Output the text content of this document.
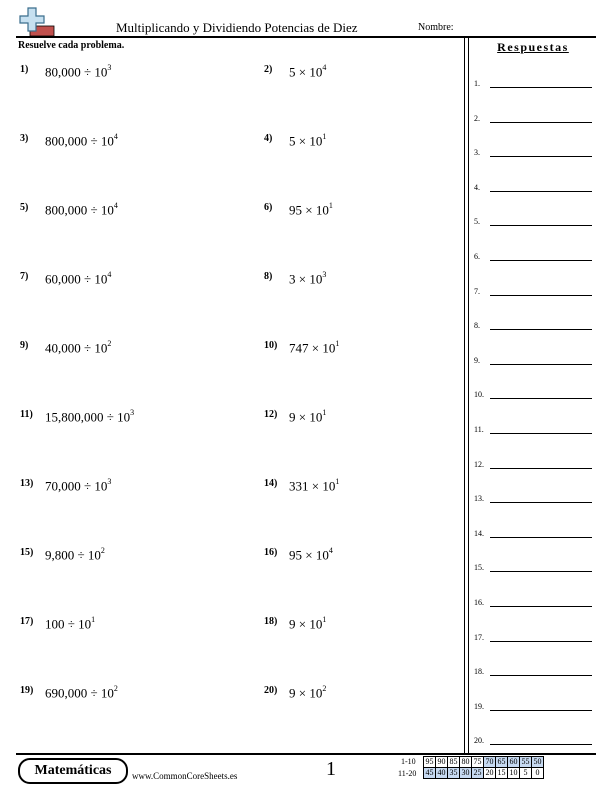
Multiplicando y Dividiendo Potencias de Diez	Nombre:
Resuelve cada problema.	Respuestas
1) $80,000 \div 10^3$	2) $5 \times 10^4$
3) $800,000 \div 10^4$	4) $5 \times 10^1$
5) $800,000 \div 10^4$	6) $95 \times 10^1$
7) $60,000 \div 10^4$	8) $3 \times 10^3$
9) $40,000 \div 10^2$	10) $747 \times 10^1$
11) $15,800,000 \div 10^3$	12) $9 \times 10^1$
13) $70,000 \div 10^3$	14) $331 \times 10^1$
15) $9,800 \div 10^2$	16) $95 \times 10^4$
17) $100 \div 10^1$	18) $9 \times 10^1$
19) $690,000 \div 10^2$	20) $9 \times 10^2$
1.
2.
3.
4.
5.
6.
7.
8.
9.
10.
11.
12.
13.
14.
15.
16.
17.
18.
19.
20.
Matemáticas	www.CommonCoreSheets.es	1	1-10
11-20
95	90	85	80	75	70	65	60	55	50
45	40	35	30	25	20	15	10	5	0
